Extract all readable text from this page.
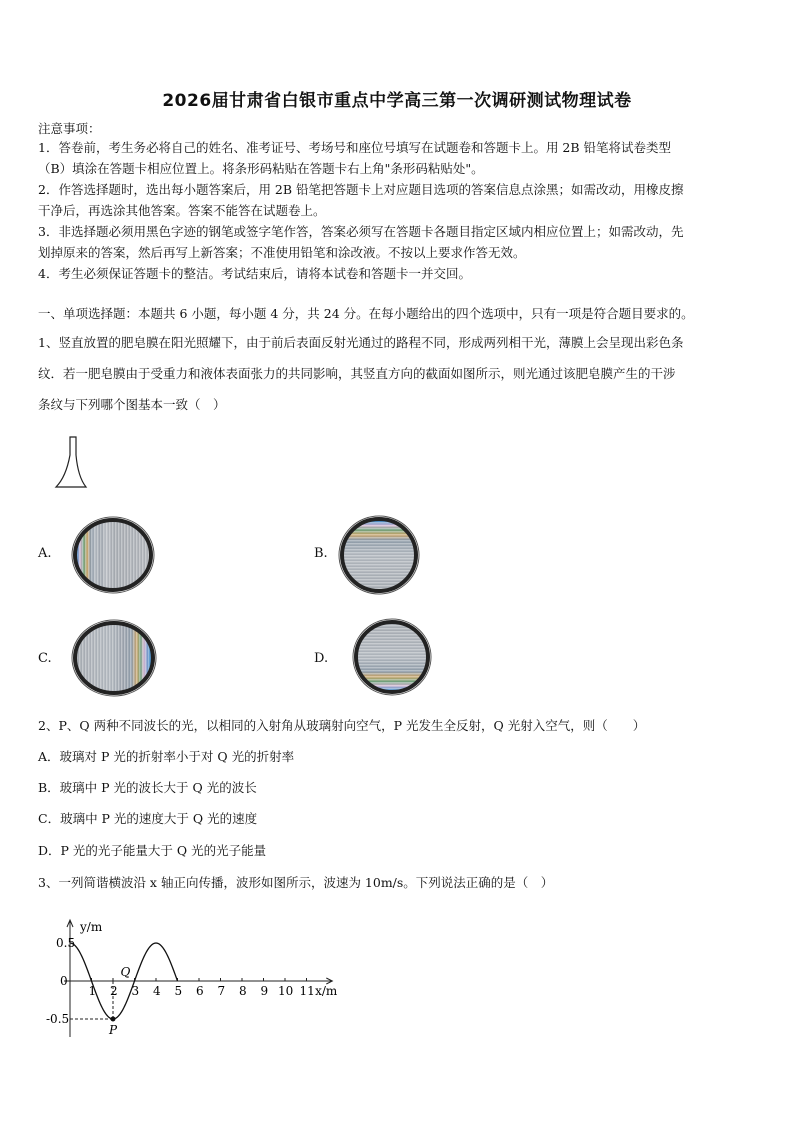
2026届甘肃省白银市重点中学高三第一次调研测试物理试卷
注意事项：
1．答卷前，考生务必将自己的姓名、准考证号、考场号和座位号填写在试题卷和答题卡上。用 2B 铅笔将试卷类型
（B）填涂在答题卡相应位置上。将条形码粘贴在答题卡右上角"条形码粘贴处"。
2．作答选择题时，选出每小题答案后，用 2B 铅笔把答题卡上对应题目选项的答案信息点涂黑；如需改动，用橡皮擦
干净后，再选涂其他答案。答案不能答在试题卷上。
3．非选择题必须用黑色字迹的钢笔或签字笔作答，答案必须写在答题卡各题目指定区域内相应位置上；如需改动，先
划掉原来的答案，然后再写上新答案；不准使用铅笔和涂改液。不按以上要求作答无效。
4．考生必须保证答题卡的整洁。考试结束后，请将本试卷和答题卡一并交回。
一、单项选择题：本题共 6 小题，每小题 4 分，共 24 分。在每小题给出的四个选项中，只有一项是符合题目要求的。
1、竖直放置的肥皂膜在阳光照耀下，由于前后表面反射光通过的路程不同，形成两列相干光，薄膜上会呈现出彩色条
纹．若一肥皂膜由于受重力和液体表面张力的共同影响，其竖直方向的截面如图所示，则光通过该肥皂膜产生的干涉
条纹与下列哪个图基本一致（　）
A.	B.
C.	D.
2、P、Q 两种不同波长的光，以相同的入射角从玻璃射向空气，P 光发生全反射，Q 光射入空气，则（　　）
A．玻璃对 P 光的折射率小于对 Q 光的折射率
B．玻璃中 P 光的波长大于 Q 光的波长
C．玻璃中 P 光的速度大于 Q 光的速度
D．P 光的光子能量大于 Q 光的光子能量
3、一列简谐横波沿 x 轴正向传播，波形如图所示，波速为 10m/s。下列说法正确的是（　）
y/m
x/m
1 2 3 4 5 6 7 8 9 10 11
0.5
0
-0.5
P
Q
